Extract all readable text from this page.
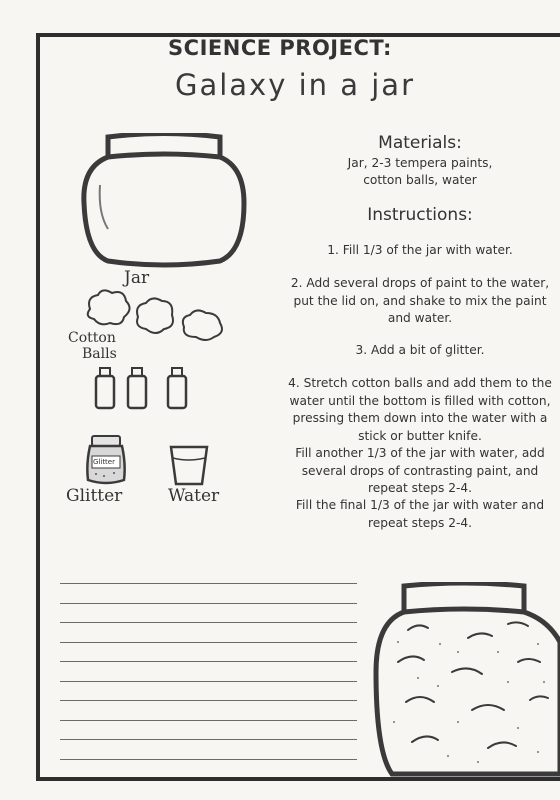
SCIENCE PROJECT:
Galaxy in a jar
Materials:
Jar, 2-3 tempera paints,
cotton balls, water
Instructions:
1. Fill 1/3 of the jar with water.
2. Add several drops of paint to the water, put the lid on, and shake to mix the paint and water.
3. Add a bit of glitter.
4. Stretch cotton balls and add them to the water until the bottom is filled with cotton, pressing them down into the water with a stick or butter knife.
Fill another 1/3 of the jar with water, add several drops of contrasting paint, and repeat steps 2-4.
Fill the final 1/3 of the jar with water and repeat steps 2-4.
Jar
Cotton
Balls
Glitter
Glitter	Water
